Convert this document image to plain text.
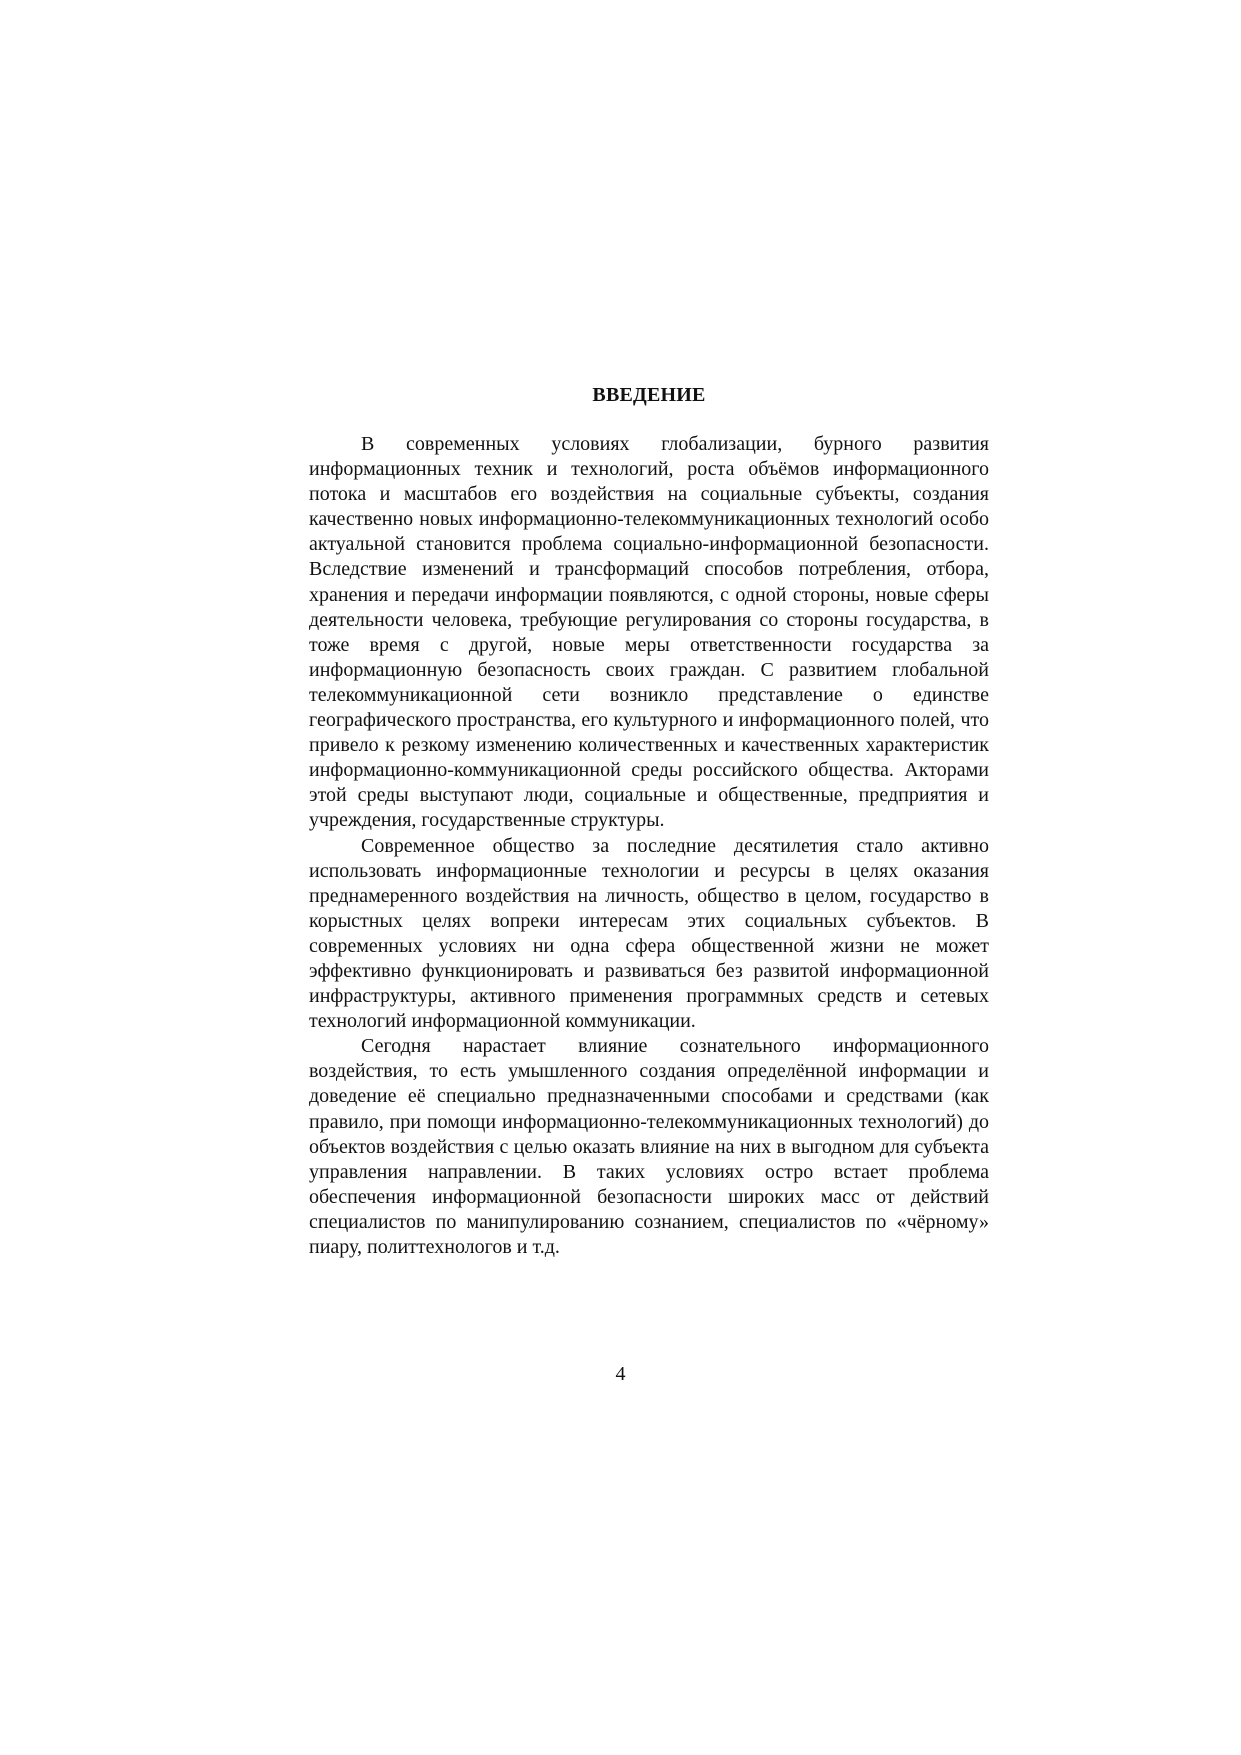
ВВЕДЕНИЕ

В современных условиях глобализации, бурного развития информационных техник и технологий, роста объёмов информационного потока и масштабов его воздействия на социальные субъекты, создания качественно новых информационно-телекоммуникационных технологий особо актуальной становится проблема социально-информационной безопасности. Вследствие изменений и трансформаций способов потребления, отбора, хранения и передачи информации появляются, с одной стороны, новые сферы деятельности человека, требующие регулирования со стороны государства, в тоже время с другой, новые меры ответственности государства за информационную безопасность своих граждан. С развитием глобальной телекоммуникационной сети возникло представление о единстве географического пространства, его культурного и информационного полей, что привело к резкому изменению количественных и качественных характеристик информационно-коммуникационной среды российского общества. Акторами этой среды выступают люди, социальные и общественные, предприятия и учреждения, государственные структуры.

Современное общество за последние десятилетия стало активно использовать информационные технологии и ресурсы в целях оказания преднамеренного воздействия на личность, общество в целом, государство в корыстных целях вопреки интересам этих социальных субъектов. В современных условиях ни одна сфера общественной жизни не может эффективно функционировать и развиваться без развитой информационной инфраструктуры, активного применения программных средств и сетевых технологий информационной коммуникации.

Сегодня нарастает влияние сознательного информационного воздействия, то есть умышленного создания определённой информации и доведение её специально предназначенными способами и средствами (как правило, при помощи информационно-телекоммуникационных технологий) до объектов воздействия с целью оказать влияние на них в выгодном для субъекта управления направлении. В таких условиях остро встает проблема обеспечения информационной безопасности широких масс от действий специалистов по манипулированию сознанием, специалистов по «чёрному» пиару, политтехнологов и т.д.

4
